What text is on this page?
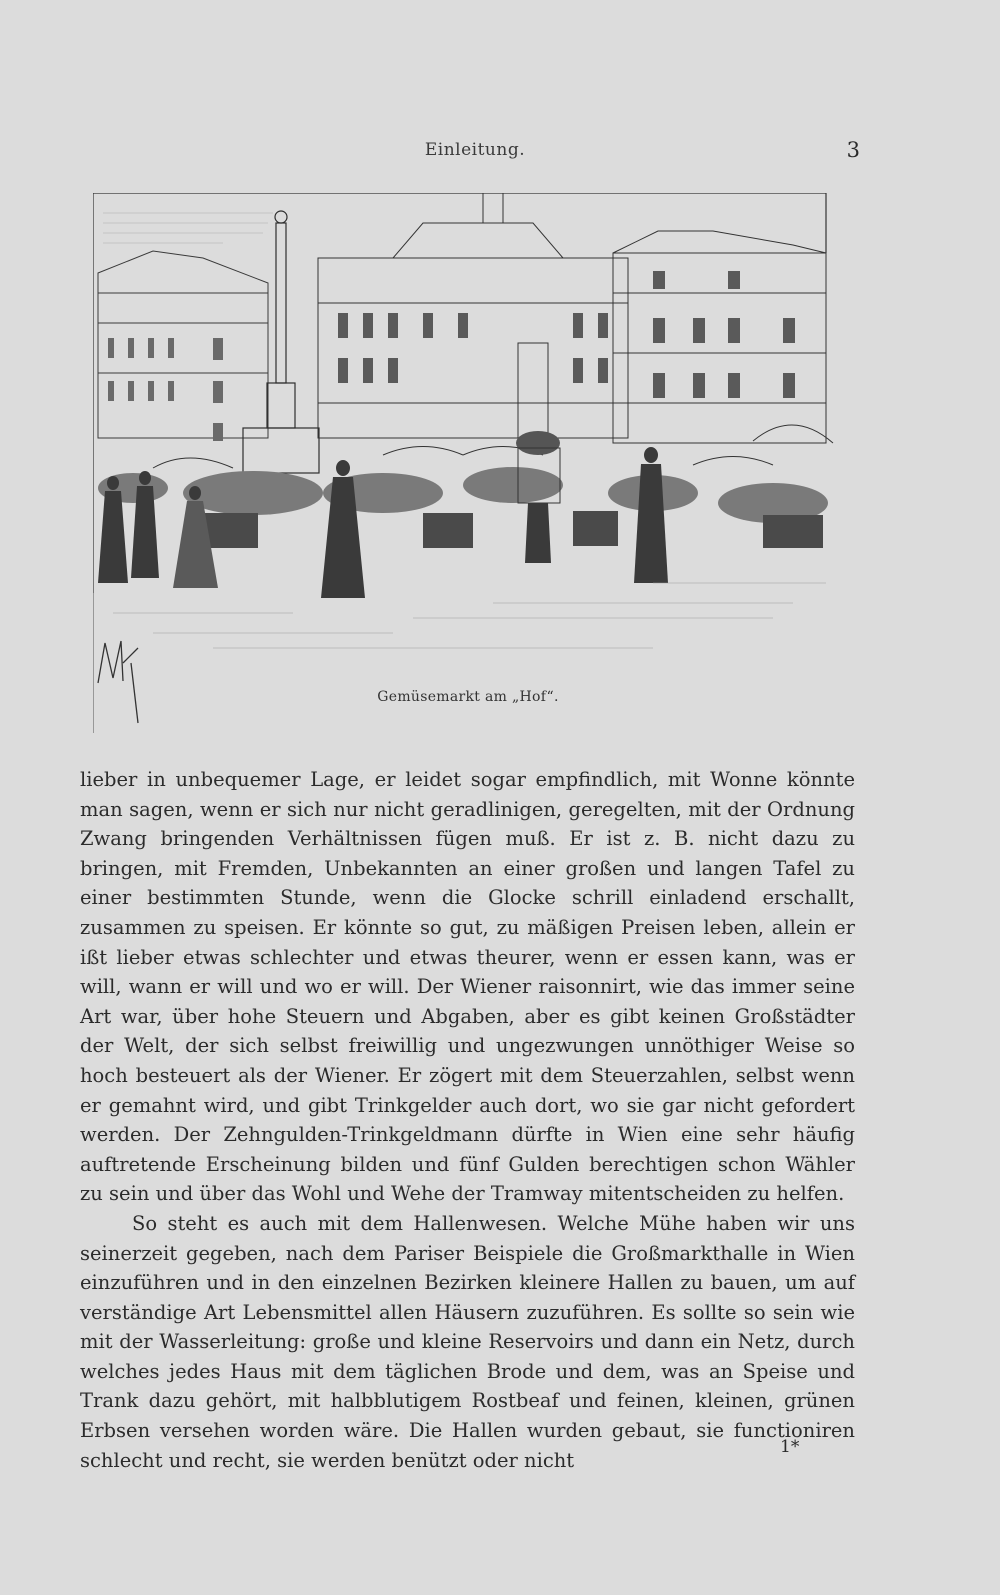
Einleitung.	3
Gemüsemarkt am „Hof“.

lieber in unbequemer Lage, er leidet sogar empfindlich, mit Wonne könnte man sagen, wenn er sich nur nicht geradlinigen, geregelten, mit der Ordnung Zwang bringenden Verhältnissen fügen muß. Er ist z. B. nicht dazu zu bringen, mit Fremden, Unbekannten an einer großen und langen Tafel zu einer bestimmten Stunde, wenn die Glocke schrill einladend erschallt, zusammen zu speisen. Er könnte so gut, zu mäßigen Preisen leben, allein er ißt lieber etwas schlechter und etwas theurer, wenn er essen kann, was er will, wann er will und wo er will. Der Wiener raisonnirt, wie das immer seine Art war, über hohe Steuern und Abgaben, aber es gibt keinen Großstädter der Welt, der sich selbst freiwillig und ungezwungen unnöthiger Weise so hoch besteuert als der Wiener. Er zögert mit dem Steuerzahlen, selbst wenn er gemahnt wird, und gibt Trinkgelder auch dort, wo sie gar nicht gefordert werden. Der Zehngulden-Trinkgeldmann dürfte in Wien eine sehr häufig auftretende Erscheinung bilden und fünf Gulden berechtigen schon Wähler zu sein und über das Wohl und Wehe der Tramway mitentscheiden zu helfen.

So steht es auch mit dem Hallenwesen. Welche Mühe haben wir uns seinerzeit gegeben, nach dem Pariser Beispiele die Großmarkthalle in Wien einzuführen und in den einzelnen Bezirken kleinere Hallen zu bauen, um auf verständige Art Lebensmittel allen Häusern zuzuführen. Es sollte so sein wie mit der Wasserleitung: große und kleine Reservoirs und dann ein Netz, durch welches jedes Haus mit dem täglichen Brode und dem, was an Speise und Trank dazu gehört, mit halbblutigem Rostbeaf und feinen, kleinen, grünen Erbsen versehen worden wäre. Die Hallen wurden gebaut, sie functioniren schlecht und recht, sie werden benützt oder nicht

1*
